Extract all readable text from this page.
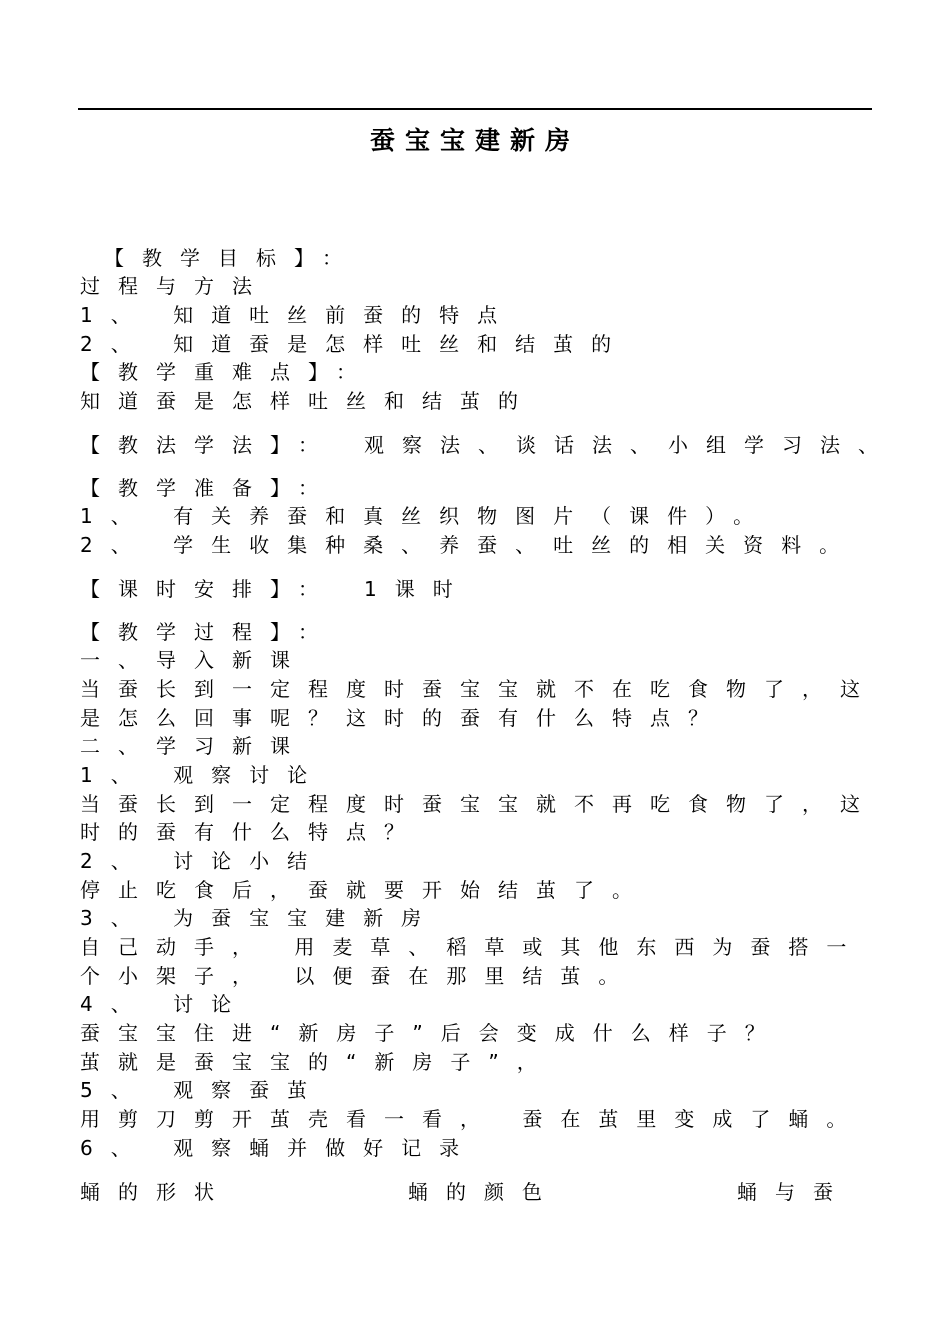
蚕宝宝建新房
【教学目标】：
过程与方法
1、 知道吐丝前蚕的特点
2、 知道蚕是怎样吐丝和结茧的
【教学重难点】：
知道蚕是怎样吐丝和结茧的
【教法学法】：　观察法、谈话法、小组学习法、
【教学准备】：
1、 有关养蚕和真丝织物图片（课件）。
2、 学生收集种桑、养蚕、吐丝的相关资料。
【课时安排】：　1课时
【教学过程】：
一、导入新课
当蚕长到一定程度时蚕宝宝就不在吃食物了，这
是怎么回事呢？这时的蚕有什么特点？
二、学习新课
1、 观察讨论
当蚕长到一定程度时蚕宝宝就不再吃食物了，这
时的蚕有什么特点？
2、 讨论小结
停止吃食后，蚕就要开始结茧了。
3、 为蚕宝宝建新房
自己动手， 用麦草、稻草或其他东西为蚕搭一
个小架子， 以便蚕在那里结茧。
4、 讨论
蚕宝宝住进“新房子”后会变成什么样子？
茧就是蚕宝宝的“新房子”，
5、 观察蚕茧
用剪刀剪开茧壳看一看， 蚕在茧里变成了蛹。
6、 观察蛹并做好记录
蛹的形状	蛹的颜色	蛹与蚕
